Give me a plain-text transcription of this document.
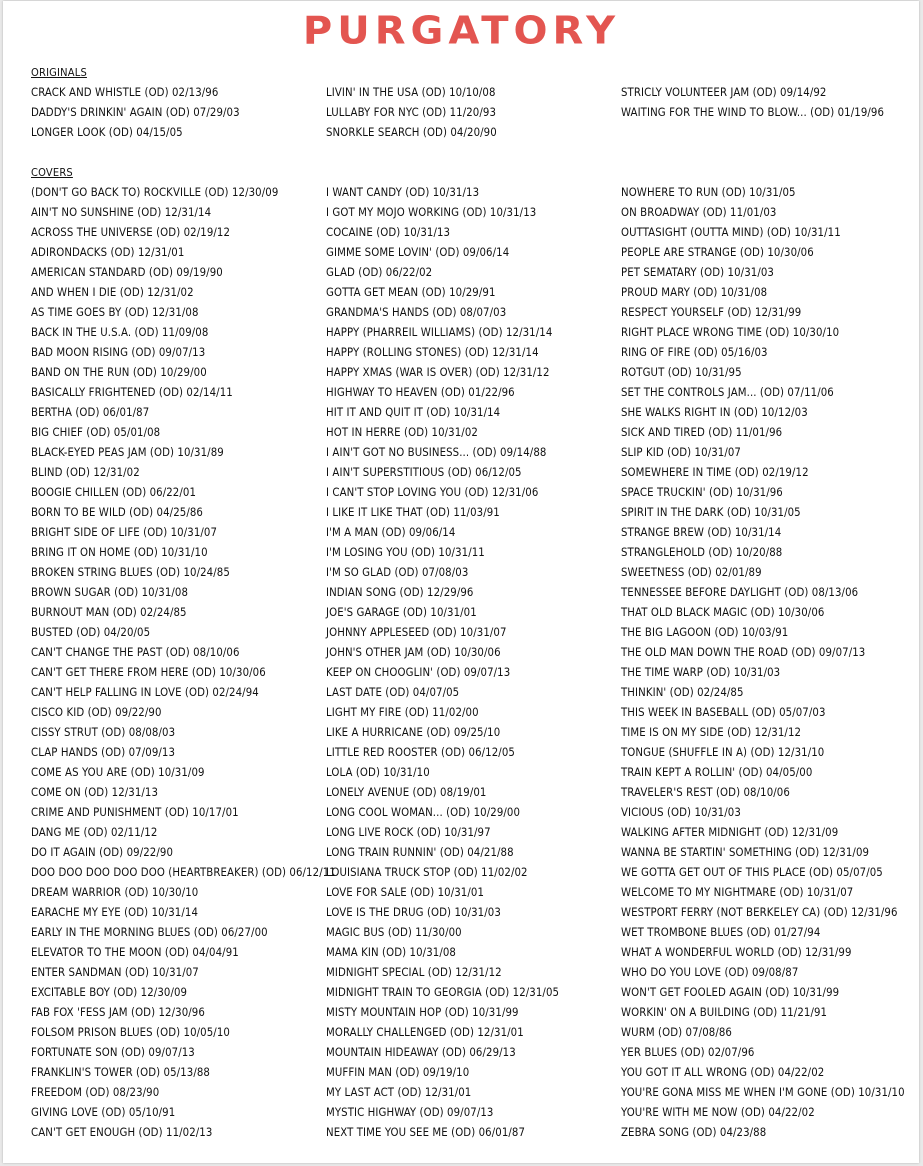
PURGATORY
ORIGINALS
CRACK AND WHISTLE (OD) 02/13/96
DADDY'S DRINKIN' AGAIN (OD) 07/29/03
LONGER LOOK (OD) 04/15/05
LIVIN' IN THE USA (OD) 10/10/08
LULLABY FOR NYC (OD) 11/20/93
SNORKLE SEARCH (OD) 04/20/90
STRICLY VOLUNTEER JAM (OD) 09/14/92
WAITING FOR THE WIND TO BLOW... (OD) 01/19/96
COVERS
(DON'T GO BACK TO) ROCKVILLE (OD) 12/30/09
AIN'T NO SUNSHINE (OD) 12/31/14
ACROSS THE UNIVERSE (OD) 02/19/12
ADIRONDACKS (OD) 12/31/01
AMERICAN STANDARD (OD) 09/19/90
AND WHEN I DIE (OD) 12/31/02
AS TIME GOES BY (OD) 12/31/08
BACK IN THE U.S.A. (OD) 11/09/08
BAD MOON RISING (OD) 09/07/13
BAND ON THE RUN (OD) 10/29/00
BASICALLY FRIGHTENED (OD) 02/14/11
BERTHA (OD) 06/01/87
BIG CHIEF (OD) 05/01/08
BLACK-EYED PEAS JAM (OD) 10/31/89
BLIND (OD) 12/31/02
BOOGIE CHILLEN (OD) 06/22/01
BORN TO BE WILD (OD) 04/25/86
BRIGHT SIDE OF LIFE (OD) 10/31/07
BRING IT ON HOME (OD) 10/31/10
BROKEN STRING BLUES (OD) 10/24/85
BROWN SUGAR (OD) 10/31/08
BURNOUT MAN (OD) 02/24/85
BUSTED (OD) 04/20/05
CAN'T CHANGE THE PAST (OD) 08/10/06
CAN'T GET THERE FROM HERE (OD) 10/30/06
CAN'T HELP FALLING IN LOVE (OD) 02/24/94
CISCO KID (OD) 09/22/90
CISSY STRUT (OD) 08/08/03
CLAP HANDS (OD) 07/09/13
COME AS YOU ARE (OD) 10/31/09
COME ON (OD) 12/31/13
CRIME AND PUNISHMENT (OD) 10/17/01
DANG ME (OD) 02/11/12
DO IT AGAIN (OD) 09/22/90
DOO DOO DOO DOO DOO (HEARTBREAKER) (OD) 06/12/11
DREAM WARRIOR (OD) 10/30/10
EARACHE MY EYE (OD) 10/31/14
EARLY IN THE MORNING BLUES (OD) 06/27/00
ELEVATOR TO THE MOON (OD) 04/04/91
ENTER SANDMAN (OD) 10/31/07
EXCITABLE BOY (OD) 12/30/09
FAB FOX 'FESS JAM (OD) 12/30/96
FOLSOM PRISON BLUES (OD) 10/05/10
FORTUNATE SON (OD) 09/07/13
FRANKLIN'S TOWER (OD) 05/13/88
FREEDOM (OD) 08/23/90
GIVING LOVE (OD) 05/10/91
CAN'T GET ENOUGH (OD) 11/02/13
I WANT CANDY (OD) 10/31/13
I GOT MY MOJO WORKING (OD) 10/31/13
COCAINE (OD) 10/31/13
GIMME SOME LOVIN' (OD) 09/06/14
GLAD (OD) 06/22/02
GOTTA GET MEAN (OD) 10/29/91
GRANDMA'S HANDS (OD) 08/07/03
HAPPY (PHARREIL WILLIAMS) (OD) 12/31/14
HAPPY (ROLLING STONES) (OD) 12/31/14
HAPPY XMAS (WAR IS OVER) (OD) 12/31/12
HIGHWAY TO HEAVEN (OD) 01/22/96
HIT IT AND QUIT IT (OD) 10/31/14
HOT IN HERRE (OD) 10/31/02
I AIN'T GOT NO BUSINESS... (OD) 09/14/88
I AIN'T SUPERSTITIOUS (OD) 06/12/05
I CAN'T STOP LOVING YOU (OD) 12/31/06
I LIKE IT LIKE THAT (OD) 11/03/91
I'M A MAN (OD) 09/06/14
I'M LOSING YOU (OD) 10/31/11
I'M SO GLAD (OD) 07/08/03
INDIAN SONG (OD) 12/29/96
JOE'S GARAGE (OD) 10/31/01
JOHNNY APPLESEED (OD) 10/31/07
JOHN'S OTHER JAM (OD) 10/30/06
KEEP ON CHOOGLIN' (OD) 09/07/13
LAST DATE (OD) 04/07/05
LIGHT MY FIRE (OD) 11/02/00
LIKE A HURRICANE (OD) 09/25/10
LITTLE RED ROOSTER (OD) 06/12/05
LOLA (OD) 10/31/10
LONELY AVENUE (OD) 08/19/01
LONG COOL WOMAN... (OD) 10/29/00
LONG LIVE ROCK (OD) 10/31/97
LONG TRAIN RUNNIN' (OD) 04/21/88
LOUISIANA TRUCK STOP (OD) 11/02/02
LOVE FOR SALE (OD) 10/31/01
LOVE IS THE DRUG (OD) 10/31/03
MAGIC BUS (OD) 11/30/00
MAMA KIN (OD) 10/31/08
MIDNIGHT SPECIAL (OD) 12/31/12
MIDNIGHT TRAIN TO GEORGIA (OD) 12/31/05
MISTY MOUNTAIN HOP (OD) 10/31/99
MORALLY CHALLENGED (OD) 12/31/01
MOUNTAIN HIDEAWAY (OD) 06/29/13
MUFFIN MAN (OD) 09/19/10
MY LAST ACT (OD) 12/31/01
MYSTIC HIGHWAY (OD) 09/07/13
NEXT TIME YOU SEE ME (OD) 06/01/87
NOWHERE TO RUN (OD) 10/31/05
ON BROADWAY (OD) 11/01/03
OUTTASIGHT (OUTTA MIND) (OD) 10/31/11
PEOPLE ARE STRANGE (OD) 10/30/06
PET SEMATARY (OD) 10/31/03
PROUD MARY (OD) 10/31/08
RESPECT YOURSELF (OD) 12/31/99
RIGHT PLACE WRONG TIME (OD) 10/30/10
RING OF FIRE (OD) 05/16/03
ROTGUT (OD) 10/31/95
SET THE CONTROLS JAM... (OD) 07/11/06
SHE WALKS RIGHT IN (OD) 10/12/03
SICK AND TIRED (OD) 11/01/96
SLIP KID (OD) 10/31/07
SOMEWHERE IN TIME (OD) 02/19/12
SPACE TRUCKIN' (OD) 10/31/96
SPIRIT IN THE DARK (OD) 10/31/05
STRANGE BREW (OD) 10/31/14
STRANGLEHOLD (OD) 10/20/88
SWEETNESS (OD) 02/01/89
TENNESSEE BEFORE DAYLIGHT (OD) 08/13/06
THAT OLD BLACK MAGIC (OD) 10/30/06
THE BIG LAGOON (OD) 10/03/91
THE OLD MAN DOWN THE ROAD (OD) 09/07/13
THE TIME WARP (OD) 10/31/03
THINKIN' (OD) 02/24/85
THIS WEEK IN BASEBALL (OD) 05/07/03
TIME IS ON MY SIDE (OD) 12/31/12
TONGUE (SHUFFLE IN A) (OD) 12/31/10
TRAIN KEPT A ROLLIN' (OD) 04/05/00
TRAVELER'S REST (OD) 08/10/06
VICIOUS (OD) 10/31/03
WALKING AFTER MIDNIGHT (OD) 12/31/09
WANNA BE STARTIN' SOMETHING (OD) 12/31/09
WE GOTTA GET OUT OF THIS PLACE (OD) 05/07/05
WELCOME TO MY NIGHTMARE (OD) 10/31/07
WESTPORT FERRY (NOT BERKELEY CA) (OD) 12/31/96
WET TROMBONE BLUES (OD) 01/27/94
WHAT A WONDERFUL WORLD (OD) 12/31/99
WHO DO YOU LOVE (OD) 09/08/87
WON'T GET FOOLED AGAIN (OD) 10/31/99
WORKIN' ON A BUILDING (OD) 11/21/91
WURM (OD) 07/08/86
YER BLUES (OD) 02/07/96
YOU GOT IT ALL WRONG (OD) 04/22/02
YOU'RE GONA MISS ME WHEN I'M GONE (OD) 10/31/10
YOU'RE WITH ME NOW (OD) 04/22/02
ZEBRA SONG (OD) 04/23/88
